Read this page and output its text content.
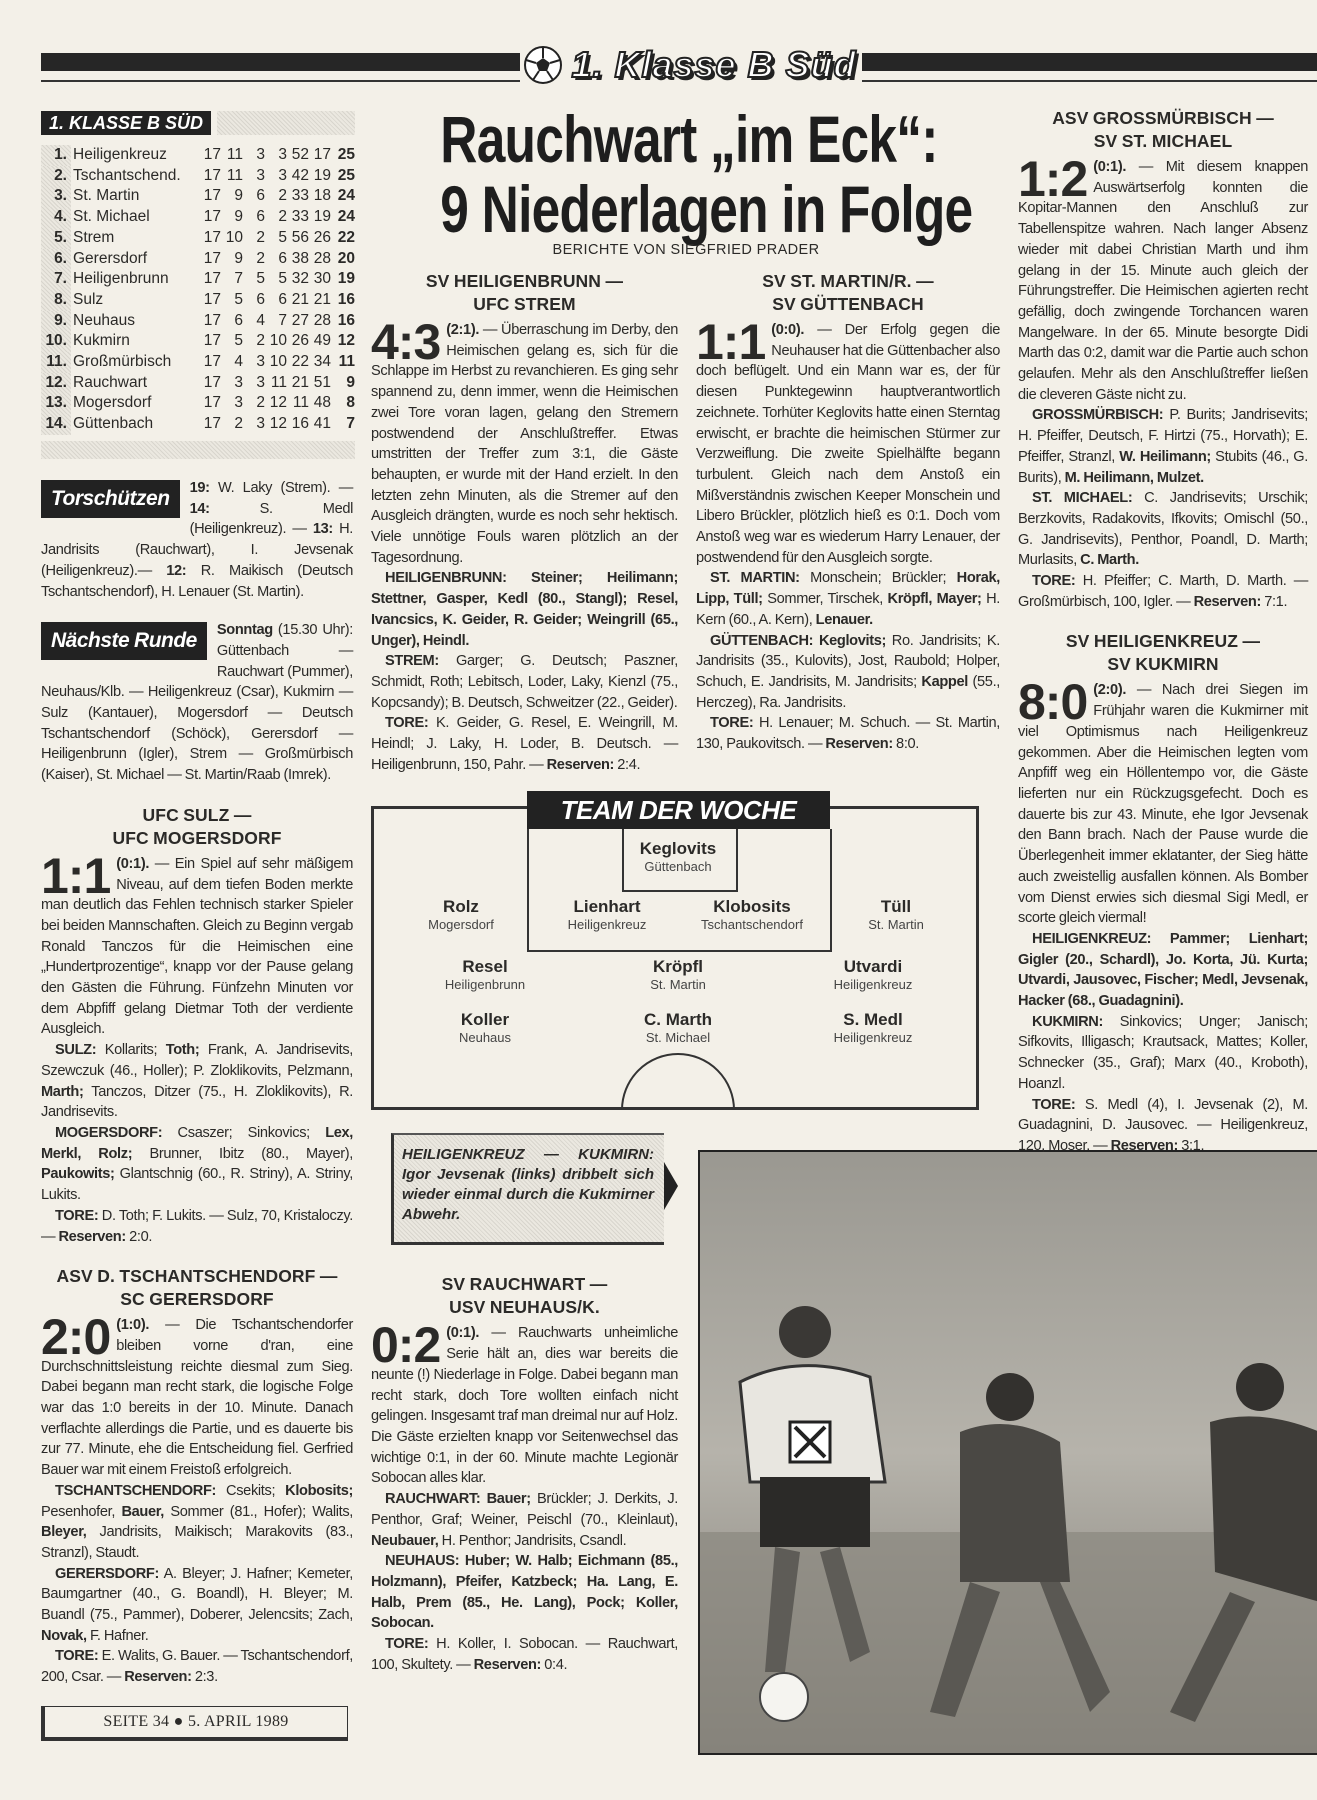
1. Klasse B Süd
1. KLASSE B SÜD
1.	Heiligenkreuz	17	11	3	3	52	17	25
2.	Tschantschend.	17	11	3	3	42	19	25
3.	St. Martin	17	9	6	2	33	18	24
4.	St. Michael	17	9	6	2	33	19	24
5.	Strem	17	10	2	5	56	26	22
6.	Gerersdorf	17	9	2	6	38	28	20
7.	Heiligenbrunn	17	7	5	5	32	30	19
8.	Sulz	17	5	6	6	21	21	16
9.	Neuhaus	17	6	4	7	27	28	16
10.	Kukmirn	17	5	2	10	26	49	12
11.	Großmürbisch	17	4	3	10	22	34	11
12.	Rauchwart	17	3	3	11	21	51	9
13.	Mogersdorf	17	3	2	12	11	48	8
14.	Güttenbach	17	2	3	12	16	41	7

Torschützen	19: W. Laky (Strem). — 14: S. Medl (Heiligenkreuz). — 13: H. Jandrisits (Rauchwart), I. Jevsenak (Heiligenkreuz).— 12: R. Maikisch (Deutsch Tschantschendorf), H. Lenauer (St. Martin).

Nächste Runde	Sonntag (15.30 Uhr): Güttenbach — Rauchwart (Pummer), Neuhaus/Klb. — Heiligenkreuz (Csar), Kukmirn — Sulz (Kantauer), Mogersdorf — Deutsch Tschantschendorf (Schöck), Gerersdorf — Heiligenbrunn (Igler), Strem — Großmürbisch (Kaiser), St. Michael — St. Martin/Raab (Imrek).

UFC SULZ —
UFC MOGERSDORF

1:1 (0:1). — Ein Spiel auf sehr mäßigem Niveau, auf dem tiefen Boden merkte man deutlich das Fehlen technisch starker Spieler bei beiden Mannschaften. Gleich zu Beginn vergab Ronald Tanczos für die Heimischen eine „Hundertprozentige“, knapp vor der Pause gelang den Gästen die Führung. Fünfzehn Minuten vor dem Abpfiff gelang Dietmar Toth der verdiente Ausgleich.

SULZ: Kollarits; Toth; Frank, A. Jandrisevits, Szewczuk (46., Holler); P. Zloklikovits, Pelzmann, Marth; Tanczos, Ditzer (75., H. Zloklikovits), R. Jandrisevits.

MOGERSDORF: Csaszer; Sinkovics; Lex, Merkl, Rolz; Brunner, Ibitz (80., Mayer), Paukowits; Glantschnig (60., R. Striny), A. Striny, Lukits.

TORE: D. Toth; F. Lukits. — Sulz, 70, Kristaloczy. — Reserven: 2:0.

ASV D. TSCHANTSCHENDORF —
SC GERERSDORF

2:0 (1:0). — Die Tschantschendorfer bleiben vorne d'ran, eine Durchschnittsleistung reichte diesmal zum Sieg. Dabei begann man recht stark, die logische Folge war das 1:0 bereits in der 10. Minute. Danach verflachte allerdings die Partie, und es dauerte bis zur 77. Minute, ehe die Entscheidung fiel. Gerfried Bauer war mit einem Freistoß erfolgreich.

TSCHANTSCHENDORF: Csekits; Klobosits; Pesenhofer, Bauer, Sommer (81., Hofer); Walits, Bleyer, Jandrisits, Maikisch; Marakovits (83., Stranzl), Staudt.

GERERSDORF: A. Bleyer; J. Hafner; Kemeter, Baumgartner (40., G. Boandl), H. Bleyer; M. Buandl (75., Pammer), Doberer, Jelencsits; Zach, Novak, F. Hafner.

TORE: E. Walits, G. Bauer. — Tschantschendorf, 200, Csar. — Reserven: 2:3.

SEITE 34 ● 5. APRIL 1989
Rauchwart „im Eck“:
9 Niederlagen in Folge
BERICHTE VON SIEGFRIED PRADER
SV HEILIGENBRUNN —
UFC STREM

4:3 (2:1). — Überraschung im Derby, den Heimischen gelang es, sich für die Schlappe im Herbst zu revanchieren. Es ging sehr spannend zu, denn immer, wenn die Heimischen zwei Tore voran lagen, gelang den Stremern postwendend der Anschlußtreffer. Etwas umstritten der Treffer zum 3:1, die Gäste behaupten, er wurde mit der Hand erzielt. In den letzten zehn Minuten, als die Stremer auf den Ausgleich drängten, wurde es noch sehr hektisch. Viele unnötige Fouls waren plötzlich an der Tagesordnung.

HEILIGENBRUNN: Steiner; Heilimann; Stettner, Gasper, Kedl (80., Stangl); Resel, Ivancsics, K. Geider, R. Geider; Weingrill (65., Unger), Heindl.

STREM: Garger; G. Deutsch; Paszner, Schmidt, Roth; Lebitsch, Loder, Laky, Kienzl (75., Kopcsandy); B. Deutsch, Schweitzer (22., Geider).

TORE: K. Geider, G. Resel, E. Weingrill, M. Heindl; J. Laky, H. Loder, B. Deutsch. — Heiligenbrunn, 150, Pahr. — Reserven: 2:4.

SV ST. MARTIN/R. —
SV GÜTTENBACH

1:1 (0:0). — Der Erfolg gegen die Neuhauser hat die Güttenbacher also doch beflügelt. Und ein Mann war es, der für diesen Punktegewinn hauptverantwortlich zeichnete. Torhüter Keglovits hatte einen Sterntag erwischt, er brachte die heimischen Stürmer zur Verzweiflung. Die zweite Spielhälfte begann turbulent. Gleich nach dem Anstoß ein Mißverständnis zwischen Keeper Monschein und Libero Brückler, plötzlich hieß es 0:1. Doch vom Anstoß weg war es wiederum Harry Lenauer, der postwendend für den Ausgleich sorgte.

ST. MARTIN: Monschein; Brückler; Horak, Lipp, Tüll; Sommer, Tirschek, Kröpfl, Mayer; H. Kern (60., A. Kern), Lenauer.

GÜTTENBACH: Keglovits; Ro. Jandrisits; K. Jandrisits (35., Kulovits), Jost, Raubold; Holper, Schuch, E. Jandrisits, M. Jandrisits; Kappel (55., Herczeg), Ra. Jandrisits.

TORE: H. Lenauer; M. Schuch. — St. Martin, 130, Paukovitsch. — Reserven: 8:0.

TEAM DER WOCHE
Keglovits
Güttenbach
Rolz
Mogersdorf
Lienhart
Heiligenkreuz
Klobosits
Tschantschendorf
Tüll
St. Martin
Resel
Heiligenbrunn
Kröpfl
St. Martin
Utvardi
Heiligenkreuz
Koller
Neuhaus
C. Marth
St. Michael
S. Medl
Heiligenkreuz
HEILIGENKREUZ — KUKMIRN: Igor Jevsenak (links) dribbelt sich wieder einmal durch die Kukmirner Abwehr.
SV RAUCHWART —
USV NEUHAUS/K.

0:2 (0:1). — Rauchwarts unheimliche Serie hält an, dies war bereits die neunte (!) Niederlage in Folge. Dabei begann man recht stark, doch Tore wollten einfach nicht gelingen. Insgesamt traf man dreimal nur auf Holz. Die Gäste erzielten knapp vor Seitenwechsel das wichtige 0:1, in der 60. Minute machte Legionär Sobocan alles klar.

RAUCHWART: Bauer; Brückler; J. Derkits, J. Penthor, Graf; Weiner, Peischl (70., Kleinlaut), Neubauer, H. Penthor; Jandrisits, Csandl.

NEUHAUS: Huber; W. Halb; Eichmann (85., Holzmann), Pfeifer, Katzbeck; Ha. Lang, E. Halb, Prem (85., He. Lang), Pock; Koller, Sobocan.

TORE: H. Koller, I. Sobocan. — Rauchwart, 100, Skultety. — Reserven: 0:4.

ASV GROSSMÜRBISCH —
SV ST. MICHAEL

1:2 (0:1). — Mit diesem knappen Auswärtserfolg konnten die Kopitar-Mannen den Anschluß zur Tabellenspitze wahren. Nach langer Absenz wieder mit dabei Christian Marth und ihm gelang in der 15. Minute auch gleich der Führungstreffer. Die Heimischen agierten recht gefällig, doch zwingende Torchancen waren Mangelware. In der 65. Minute besorgte Didi Marth das 0:2, damit war die Partie auch schon gelaufen. Mehr als den Anschlußtreffer ließen die cleveren Gäste nicht zu.

GROSSMÜRBISCH: P. Burits; Jandrisevits; H. Pfeiffer, Deutsch, F. Hirtzi (75., Horvath); E. Pfeiffer, Stranzl, W. Heilimann; Stubits (46., G. Burits), M. Heilimann, Mulzet.

ST. MICHAEL: C. Jandrisevits; Urschik; Berzkovits, Radakovits, Ifkovits; Omischl (50., G. Jandrisevits), Penthor, Poandl, D. Marth; Murlasits, C. Marth.

TORE: H. Pfeiffer; C. Marth, D. Marth. — Großmürbisch, 100, Igler. — Reserven: 7:1.

SV HEILIGENKREUZ —
SV KUKMIRN

8:0 (2:0). — Nach drei Siegen im Frühjahr waren die Kukmirner mit viel Optimismus nach Heiligenkreuz gekommen. Aber die Heimischen legten vom Anpfiff weg ein Höllentempo vor, die Gäste lieferten nur ein Rückzugsgefecht. Doch es dauerte bis zur 43. Minute, ehe Igor Jevsenak den Bann brach. Nach der Pause wurde die Überlegenheit immer eklatanter, der Sieg hätte auch zweistellig ausfallen können. Als Bomber vom Dienst erwies sich diesmal Sigi Medl, er scorte gleich viermal!

HEILIGENKREUZ: Pammer; Lienhart; Gigler (20., Schardl), Jo. Korta, Jü. Kurta; Utvardi, Jausovec, Fischer; Medl, Jevsenak, Hacker (68., Guadagnini).

KUKMIRN: Sinkovics; Unger; Janisch; Sifkovits, Illigasch; Krautsack, Mattes; Koller, Schnecker (35., Graf); Marx (40., Kroboth), Hoanzl.

TORE: S. Medl (4), I. Jevsenak (2), M. Guadagnini, D. Jausovec. — Heiligenkreuz, 120, Moser. — Reserven: 3:1.
